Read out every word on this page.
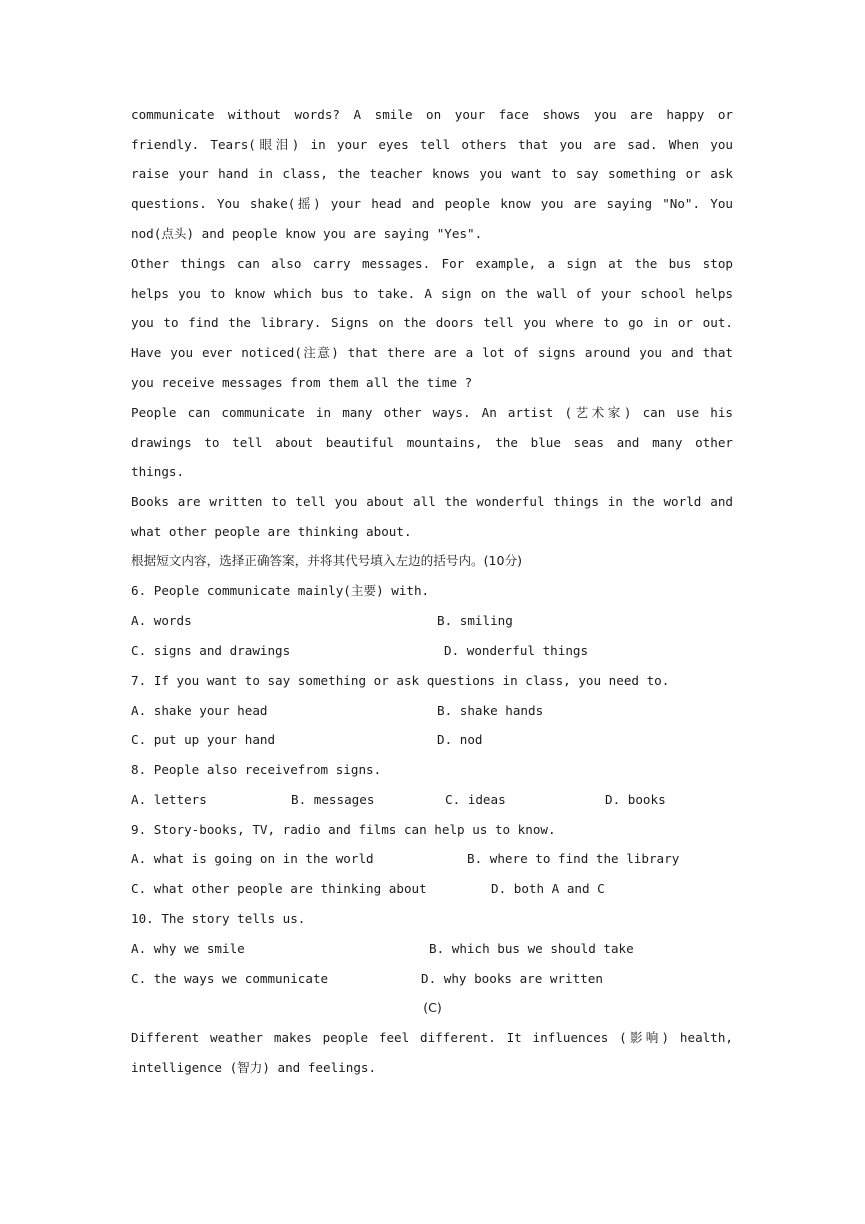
communicate without words? A smile on your face shows you are happy or
friendly. Tears(眼泪) in your eyes tell others that you are sad. When you
raise your hand in class, the teacher knows you want to say something or ask
questions. You shake(摇) your head and people know you are saying "No". You
nod(点头) and people know you are saying "Yes".
Other things can also carry messages. For example, a sign at the bus stop
helps you to know which bus to take. A sign on the wall of your school helps
you to find the library. Signs on the doors tell you where to go in or out.
Have you ever noticed(注意) that there are a lot of signs around you and that
you receive messages from them all the time ?
People can communicate in many other ways. An artist (艺术家) can use his
drawings to tell about beautiful mountains, the blue seas and many other
things.
Books are written to tell you about all the wonderful things in the world and
what other people are thinking about.
根据短文内容，选择正确答案，并将其代号填入左边的括号内。(10分)
6. People communicate mainly(主要) with.
A. words	B. smiling
C. signs and drawings	D. wonderful things
7. If you want to say something or ask questions in class, you need to.
A. shake your head	B. shake hands
C. put up your hand	D. nod
8. People also receivefrom signs.
A. letters	B. messages	C. ideas	D. books
9. Story-books, TV, radio and films can help us to know.
A. what is going on in the world	B. where to find the library
C. what other people are thinking about	D. both A and C
10. The story tells us.
A. why we smile	B. which bus we should take
C. the ways we communicate	D. why books are written
(C)
Different weather makes people feel different. It influences (影响) health,
intelligence (智力) and feelings.
